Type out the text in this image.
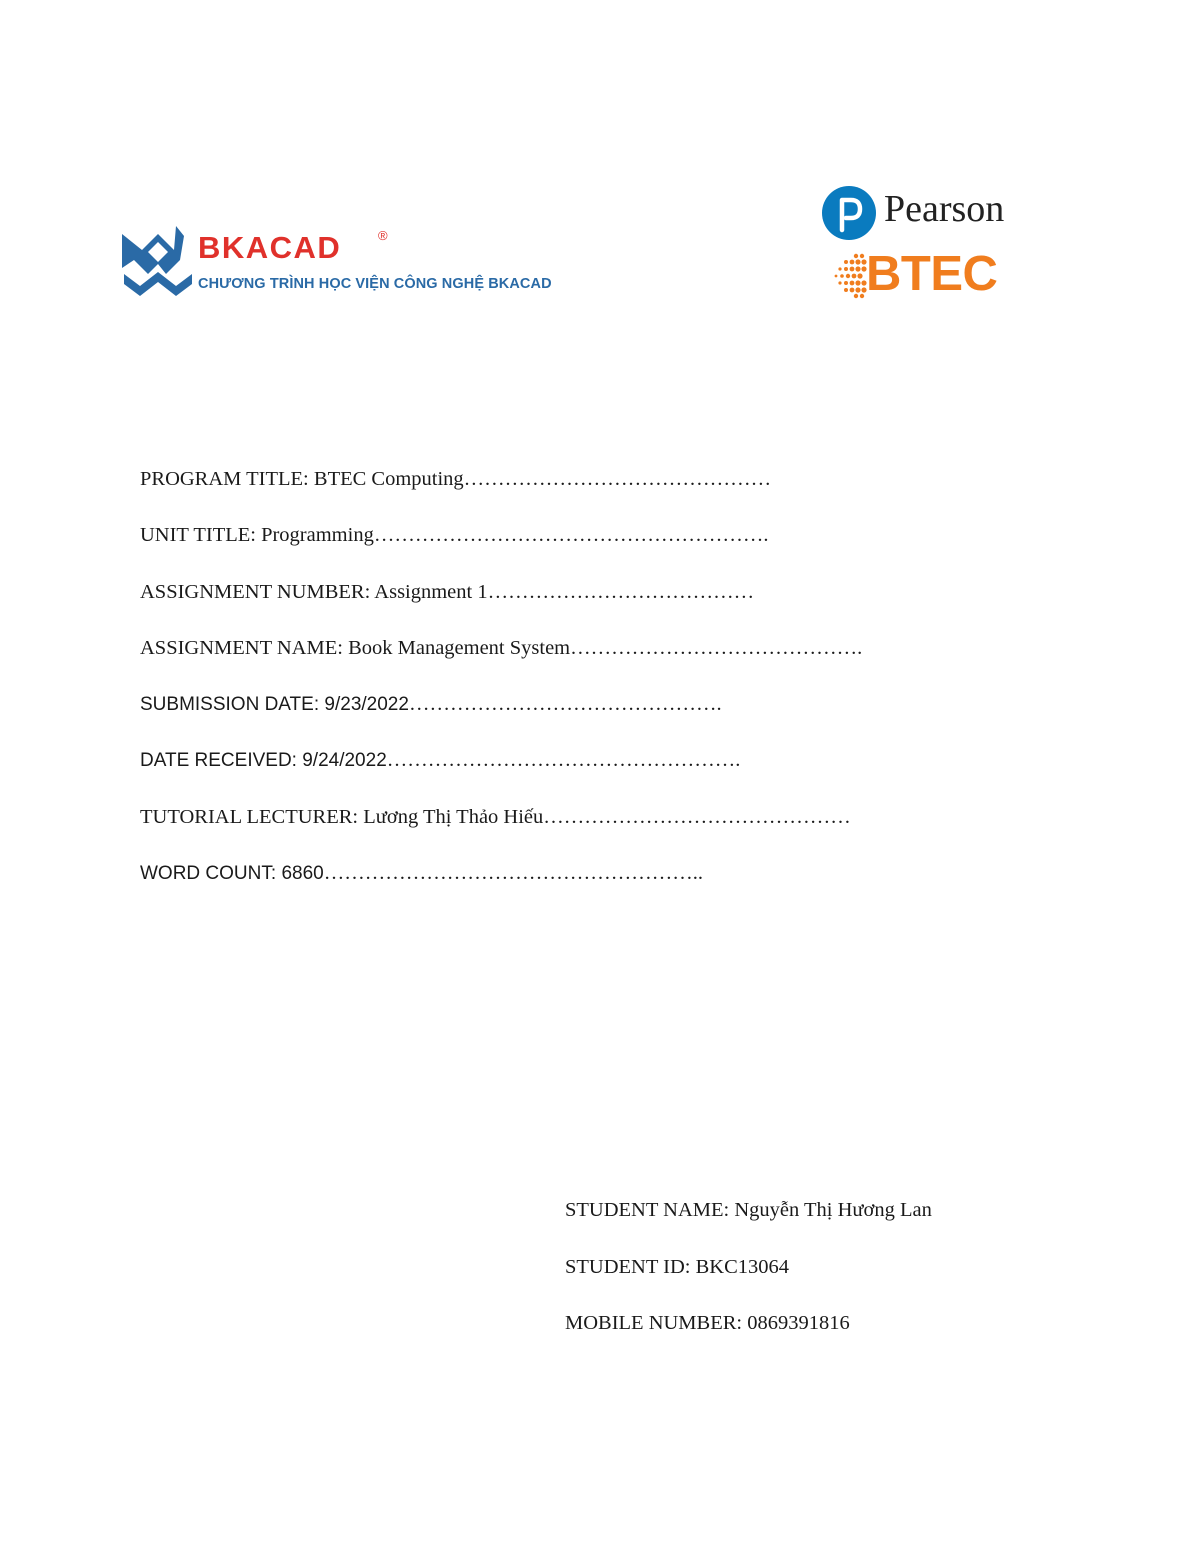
BKACAD	®
CHƯƠNG TRÌNH HỌC VIỆN CÔNG NGHỆ BKACAD
Pearson
BTEC
PROGRAM TITLE: BTEC Computing………………………………………
UNIT TITLE: Programming………………………………………………….
ASSIGNMENT NUMBER: Assignment 1…………………………………
ASSIGNMENT NAME: Book Management System…………………………………….
SUBMISSION DATE: 9/23/2022……………………………………….
DATE RECEIVED: 9/24/2022…………………………………………….
TUTORIAL LECTURER: Lương Thị Thảo Hiếu………………………………………
WORD COUNT: 6860………………………………………………..
STUDENT NAME: Nguyễn Thị Hương Lan
STUDENT ID: BKC13064
MOBILE NUMBER: 0869391816
